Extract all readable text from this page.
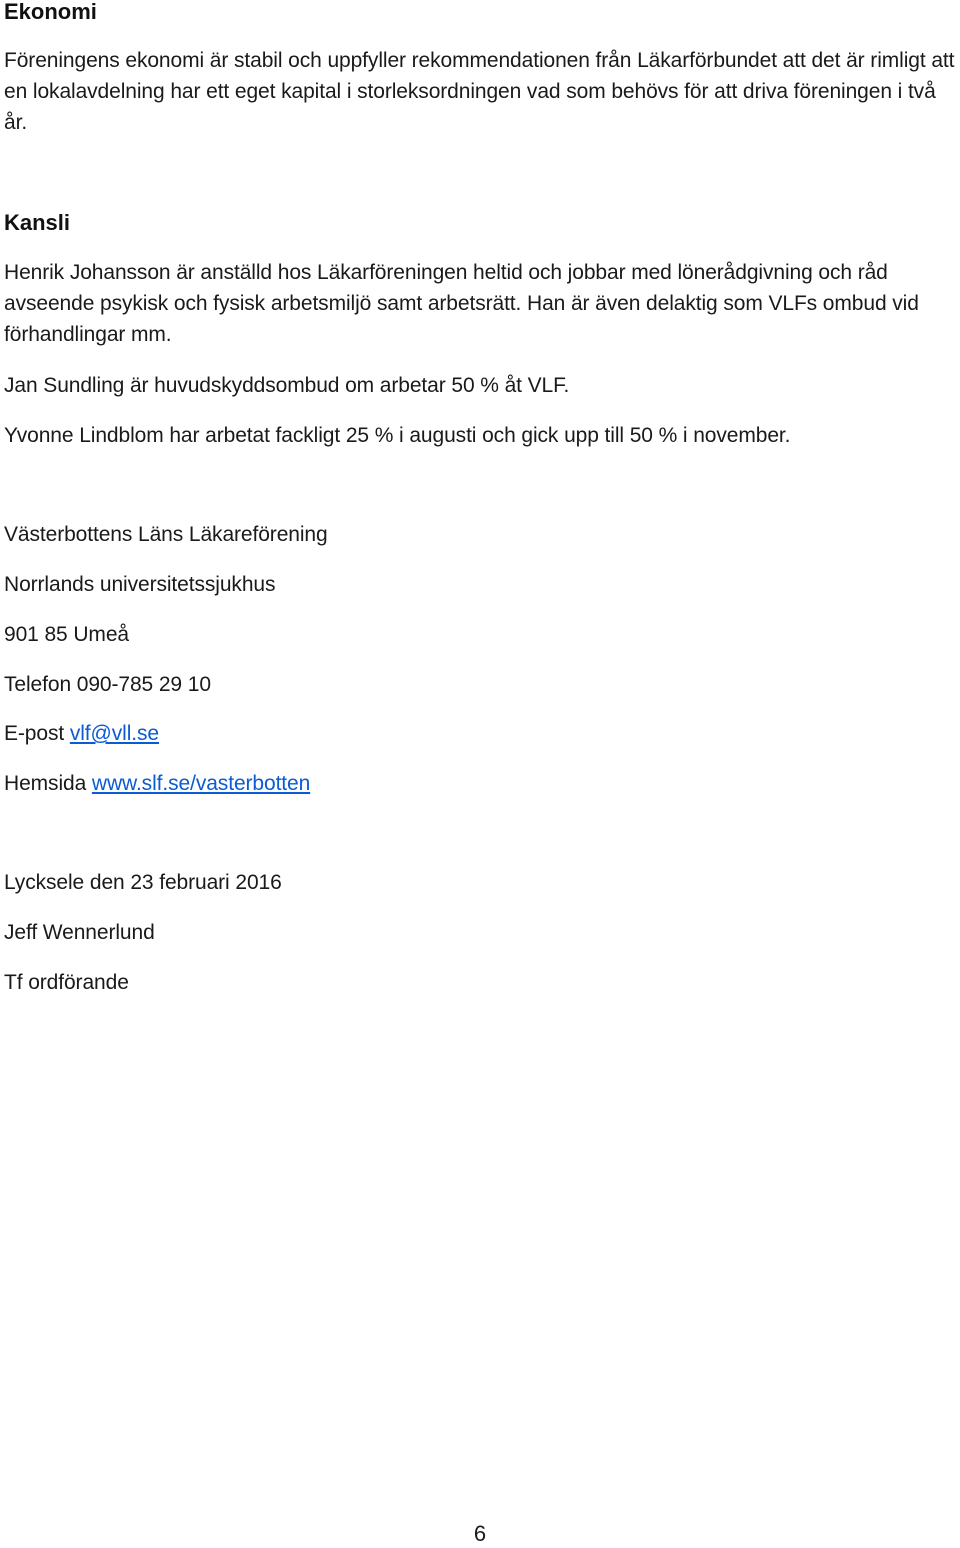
Ekonomi

Föreningens ekonomi är stabil och uppfyller rekommendationen från Läkarförbundet att det är rimligt att en lokalavdelning har ett eget kapital i storleksordningen vad som behövs för att driva föreningen i två år.

Kansli

Henrik Johansson är anställd hos Läkarföreningen heltid och jobbar med lönerådgivning och råd avseende psykisk och fysisk arbetsmiljö samt arbetsrätt. Han är även delaktig som VLFs ombud vid förhandlingar mm.

Jan Sundling är huvudskyddsombud om arbetar 50 % åt VLF.

Yvonne Lindblom har arbetat fackligt 25 % i augusti och gick upp till 50 % i november.

Västerbottens Läns Läkareförening

Norrlands universitetssjukhus

901 85 Umeå

Telefon 090-785 29 10

E-post vlf@vll.se

Hemsida www.slf.se/vasterbotten

Lycksele den 23 februari 2016

Jeff Wennerlund

Tf ordförande

6
